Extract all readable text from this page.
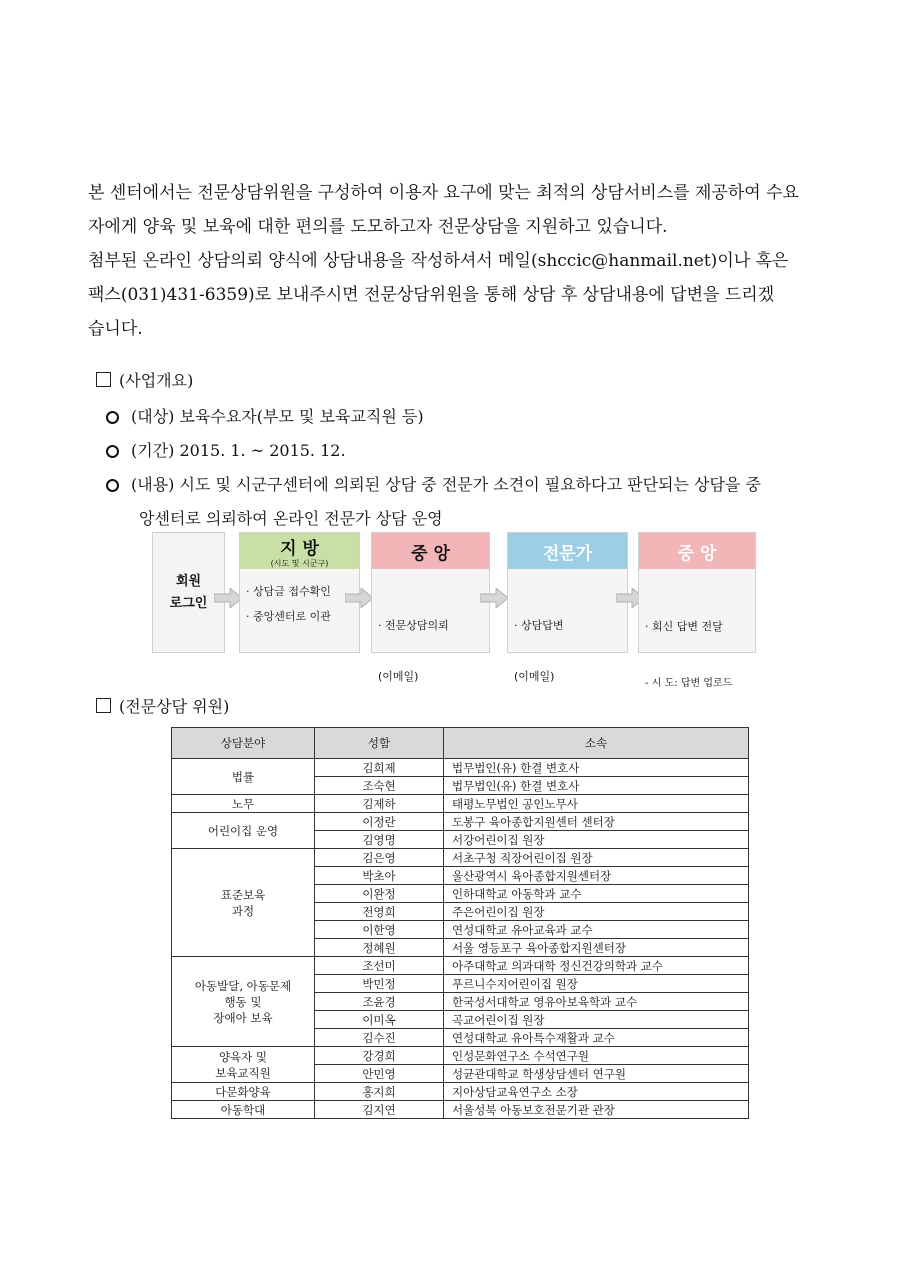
본 센터에서는 전문상담위원을 구성하여 이용자 요구에 맞는 최적의 상담서비스를 제공하여 수요

자에게 양육 및 보육에 대한 편의를 도모하고자 전문상담을 지원하고 있습니다.

첨부된 온라인 상담의뢰 양식에 상담내용을 작성하셔서 메일(shccic@hanmail.net)이나 혹은

팩스(031)431-6359)로 보내주시면 전문상담위원을 통해 상담 후 상담내용에 답변을 드리겠

습니다.

(사업개요)
(대상) 보육수요자(부모 및 보육교직원 등)
(기간) 2015. 1. ~ 2015. 12.
(내용) 시도 및 시군구센터에 의뢰된 상담 중 전문가 소견이 필요하다고 판단되는 상담을 중
앙센터로 의뢰하여 온라인 전문가 상담 운영
회원
로그인
지 방
(시도 및 시군구)
· 상담글 접수확인
· 중앙센터로 이관
중 앙

· 전문상담의뢰

(이메일)

전문가

· 상담답변

(이메일)

중 앙

· 회신 답변 전달

- 시 도: 답변 업로드

(전문상담 위원)
상담분야	성함	소속

법률	김희제	법무법인(유) 한결 변호사
	조숙현	법무법인(유) 한결 변호사

노무	김제하	태평노무법인 공인노무사

어린이집 운영	이정란	도봉구 육아종합지원센터 센터장
	김영명	서강어린이집 원장

표준보육
과정	김은영	서초구청 직장어린이집 원장
	박초아	울산광역시 육아종합지원센터장
	이완정	인하대학교 아동학과 교수
	전영희	주은어린이집 원장
	이한영	연성대학교 유아교육과 교수
	정혜원	서울 영등포구 육아종합지원센터장

아동발달, 아동문제
행동 및
장애아 보육	조선미	아주대학교 의과대학 정신건강의학과 교수
	박민정	푸르니수지어린이집 원장
	조윤경	한국성서대학교 영유아보육학과 교수
	이미옥	곡교어린이집 원장
	김수진	연성대학교 유아특수재활과 교수

양육자 및
보육교직원	강경희	인성문화연구소 수석연구원
	안민영	성균관대학교 학생상담센터 연구원

다문화양육	홍지희	지아상담교육연구소 소장

아동학대	김지연	서울성북 아동보호전문기관 관장
